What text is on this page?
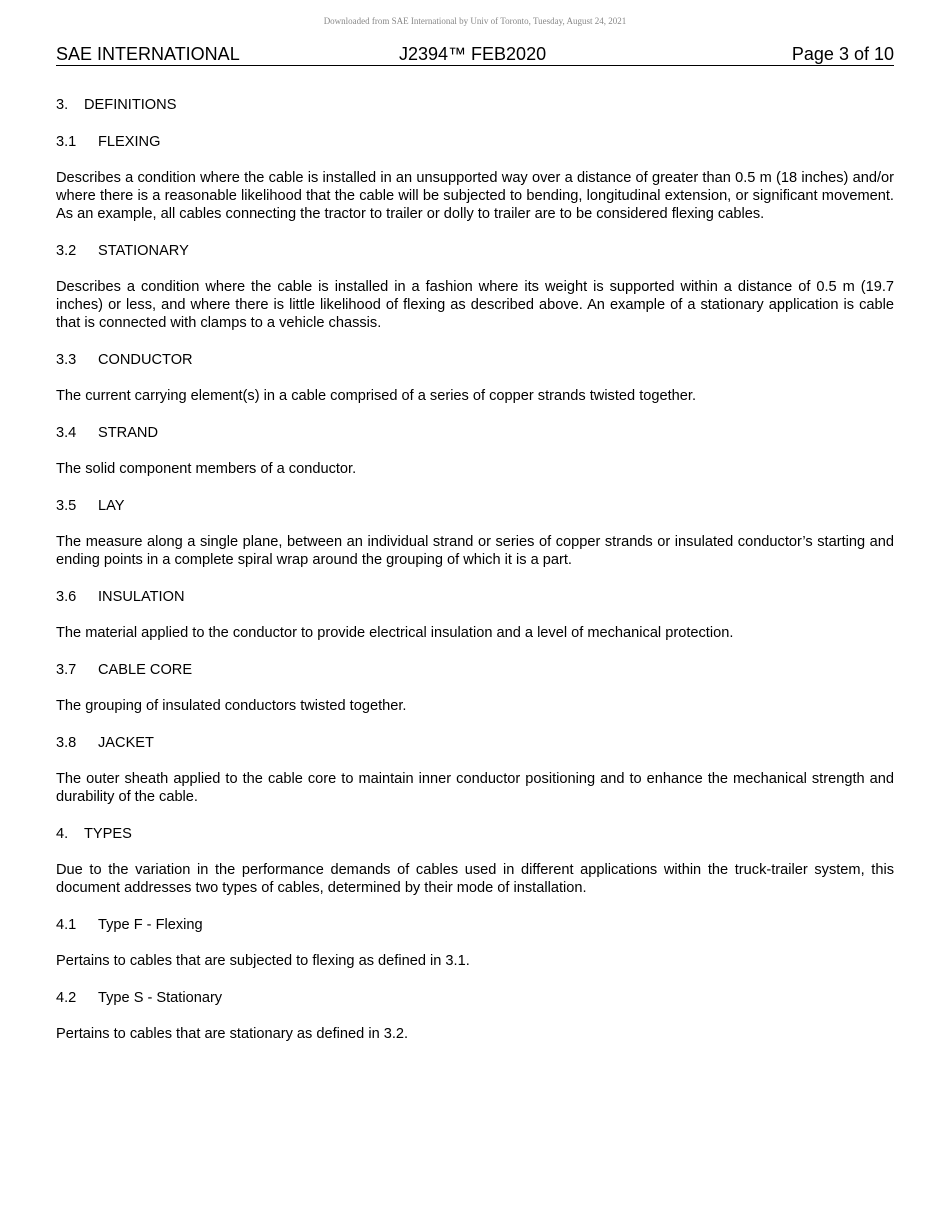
Downloaded from SAE International by Univ of Toronto, Tuesday, August 24, 2021
SAE INTERNATIONAL	J2394™ FEB2020	Page 3 of 10
3. DEFINITIONS
3.1 FLEXING

Describes a condition where the cable is installed in an unsupported way over a distance of greater than 0.5 m (18 inches) and/or where there is a reasonable likelihood that the cable will be subjected to bending, longitudinal extension, or significant movement. As an example, all cables connecting the tractor to trailer or dolly to trailer are to be considered flexing cables.

3.2 STATIONARY

Describes a condition where the cable is installed in a fashion where its weight is supported within a distance of 0.5 m (19.7 inches) or less, and where there is little likelihood of flexing as described above. An example of a stationary application is cable that is connected with clamps to a vehicle chassis.

3.3 CONDUCTOR

The current carrying element(s) in a cable comprised of a series of copper strands twisted together.

3.4 STRAND

The solid component members of a conductor.

3.5 LAY

The measure along a single plane, between an individual strand or series of copper strands or insulated conductor’s starting and ending points in a complete spiral wrap around the grouping of which it is a part.

3.6 INSULATION

The material applied to the conductor to provide electrical insulation and a level of mechanical protection.

3.7 CABLE CORE

The grouping of insulated conductors twisted together.

3.8 JACKET

The outer sheath applied to the cable core to maintain inner conductor positioning and to enhance the mechanical strength and durability of the cable.

4. TYPES

Due to the variation in the performance demands of cables used in different applications within the truck-trailer system, this document addresses two types of cables, determined by their mode of installation.

4.1 Type F - Flexing

Pertains to cables that are subjected to flexing as defined in 3.1.

4.2 Type S - Stationary

Pertains to cables that are stationary as defined in 3.2.
